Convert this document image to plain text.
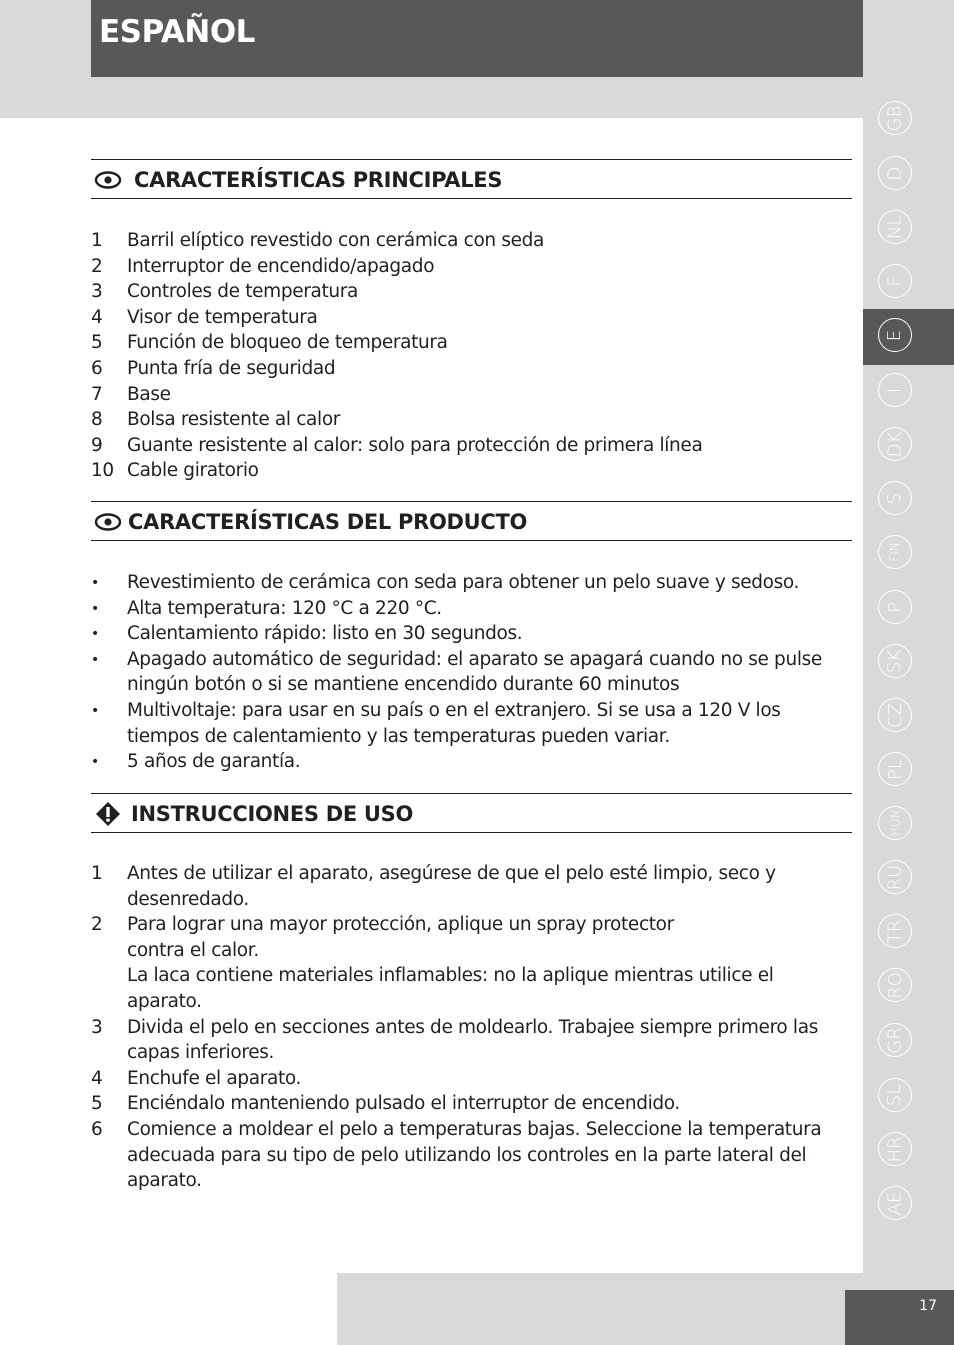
ESPAÑOL
GB
D
NL
F
E
I
DK
S
FIN
P
SK
CZ
PL
HUN
RU
TR
RO
GR
SL
HR
AE
17
CARACTERÍSTICAS PRINCIPALES
1 Barril elíptico revestido con cerámica con seda
2 Interruptor de encendido/apagado
3 Controles de temperatura
4 Visor de temperatura
5 Función de bloqueo de temperatura
6 Punta fría de seguridad
7 Base
8 Bolsa resistente al calor
9 Guante resistente al calor: solo para protección de primera línea
10 Cable giratorio
CARACTERÍSTICAS DEL PRODUCTO
• Revestimiento de cerámica con seda para obtener un pelo suave y sedoso.
• Alta temperatura: 120 °C a 220 °C.
• Calentamiento rápido: listo en 30 segundos.
• Apagado automático de seguridad: el aparato se apagará cuando no se pulse
ningún botón o si se mantiene encendido durante 60 minutos
• Multivoltaje: para usar en su país o en el extranjero. Si se usa a 120 V los
tiempos de calentamiento y las temperaturas pueden variar.
• 5 años de garantía.
INSTRUCCIONES DE USO
1 Antes de utilizar el aparato, asegúrese de que el pelo esté limpio, seco y
desenredado.
2 Para lograr una mayor protección, aplique un spray protector
contra el calor.
La laca contiene materiales inflamables: no la aplique mientras utilice el
aparato.
3 Divida el pelo en secciones antes de moldearlo. Trabajee siempre primero las
capas inferiores.
4 Enchufe el aparato.
5 Enciéndalo manteniendo pulsado el interruptor de encendido.
6 Comience a moldear el pelo a temperaturas bajas. Seleccione la temperatura
adecuada para su tipo de pelo utilizando los controles en la parte lateral del
aparato.
